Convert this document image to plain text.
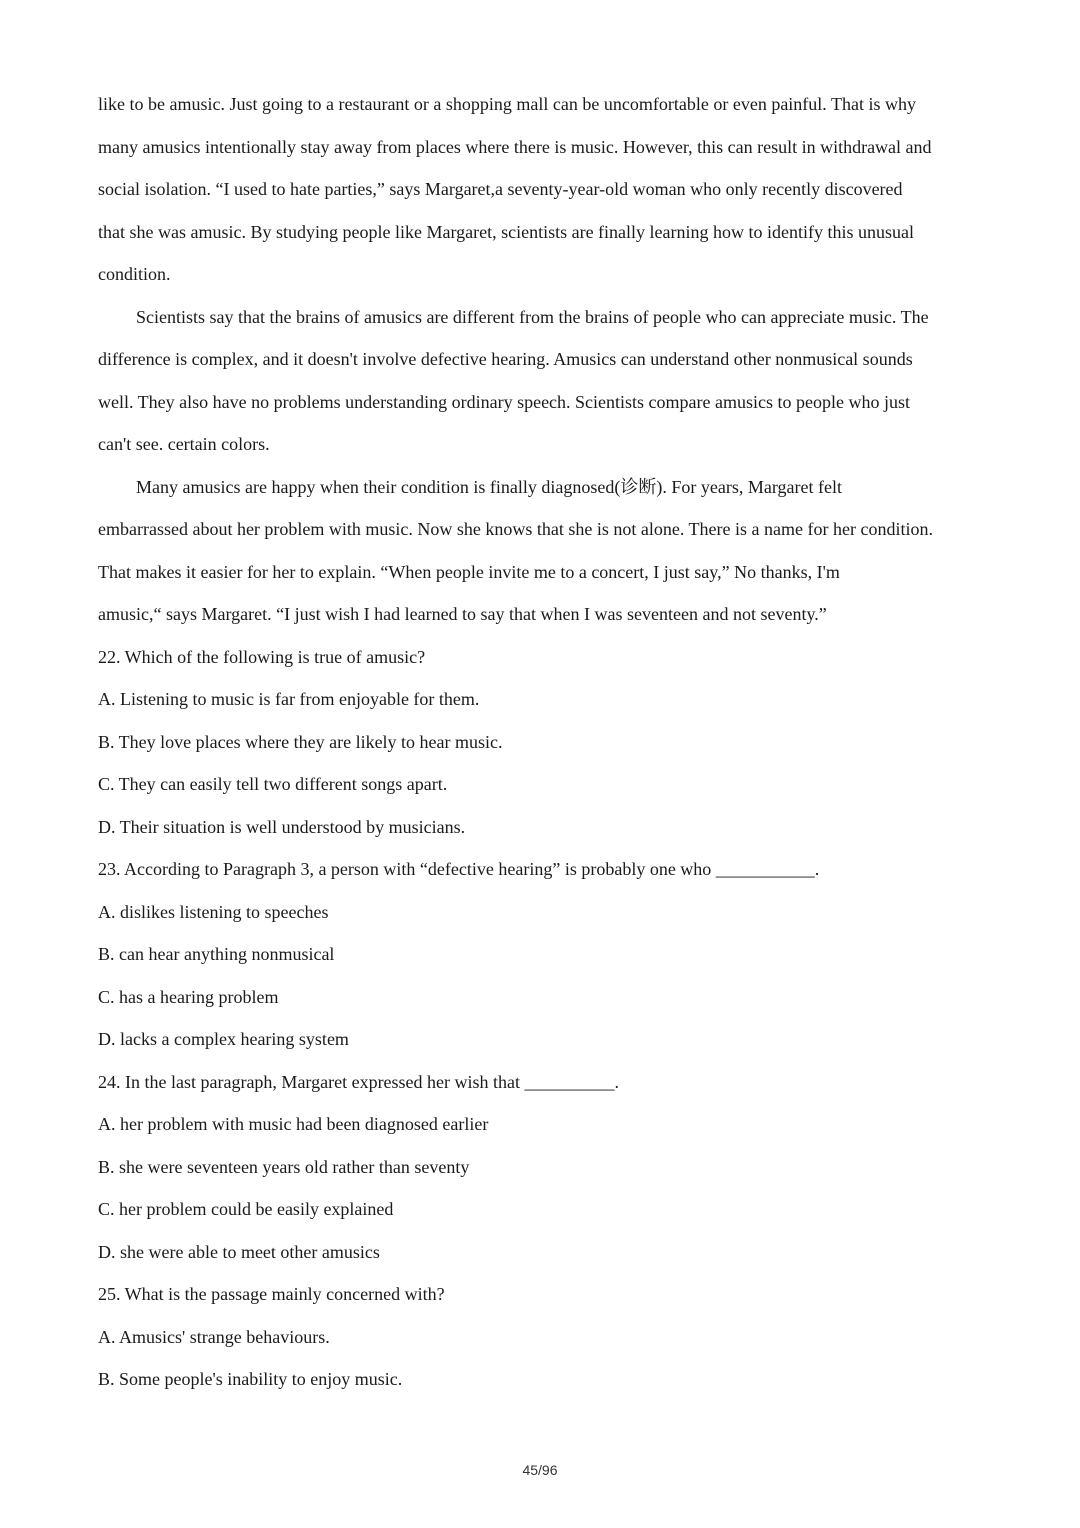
like to be amusic. Just going to a restaurant or a shopping mall can be uncomfortable or even painful. That is why
many amusics intentionally stay away from places where there is music. However, this can result in withdrawal and
social isolation. “I used to hate parties,” says Margaret,a seventy-year-old woman who only recently discovered
that she was amusic. By studying people like Margaret, scientists are finally learning how to identify this unusual
condition.
Scientists say that the brains of amusics are different from the brains of people who can appreciate music. The
difference is complex, and it doesn't involve defective hearing. Amusics can understand other nonmusical sounds
well. They also have no problems understanding ordinary speech. Scientists compare amusics to people who just
can't see. certain colors.
Many amusics are happy when their condition is finally diagnosed(诊断). For years, Margaret felt
embarrassed about her problem with music. Now she knows that she is not alone. There is a name for her condition.
That makes it easier for her to explain. “When people invite me to a concert, I just say,” No thanks, I'm
amusic,“ says Margaret. “I just wish I had learned to say that when I was seventeen and not seventy.”
22. Which of the following is true of amusic?
A. Listening to music is far from enjoyable for them.
B. They love places where they are likely to hear music.
C. They can easily tell two different songs apart.
D. Their situation is well understood by musicians.
23. According to Paragraph 3, a person with “defective hearing” is probably one who ___________.
A. dislikes listening to speeches
B. can hear anything nonmusical
C. has a hearing problem
D. lacks a complex hearing system
24. In the last paragraph, Margaret expressed her wish that __________.
A. her problem with music had been diagnosed earlier
B. she were seventeen years old rather than seventy
C. her problem could be easily explained
D. she were able to meet other amusics
25. What is the passage mainly concerned with?
A. Amusics' strange behaviours.
B. Some people's inability to enjoy music.
45/96
